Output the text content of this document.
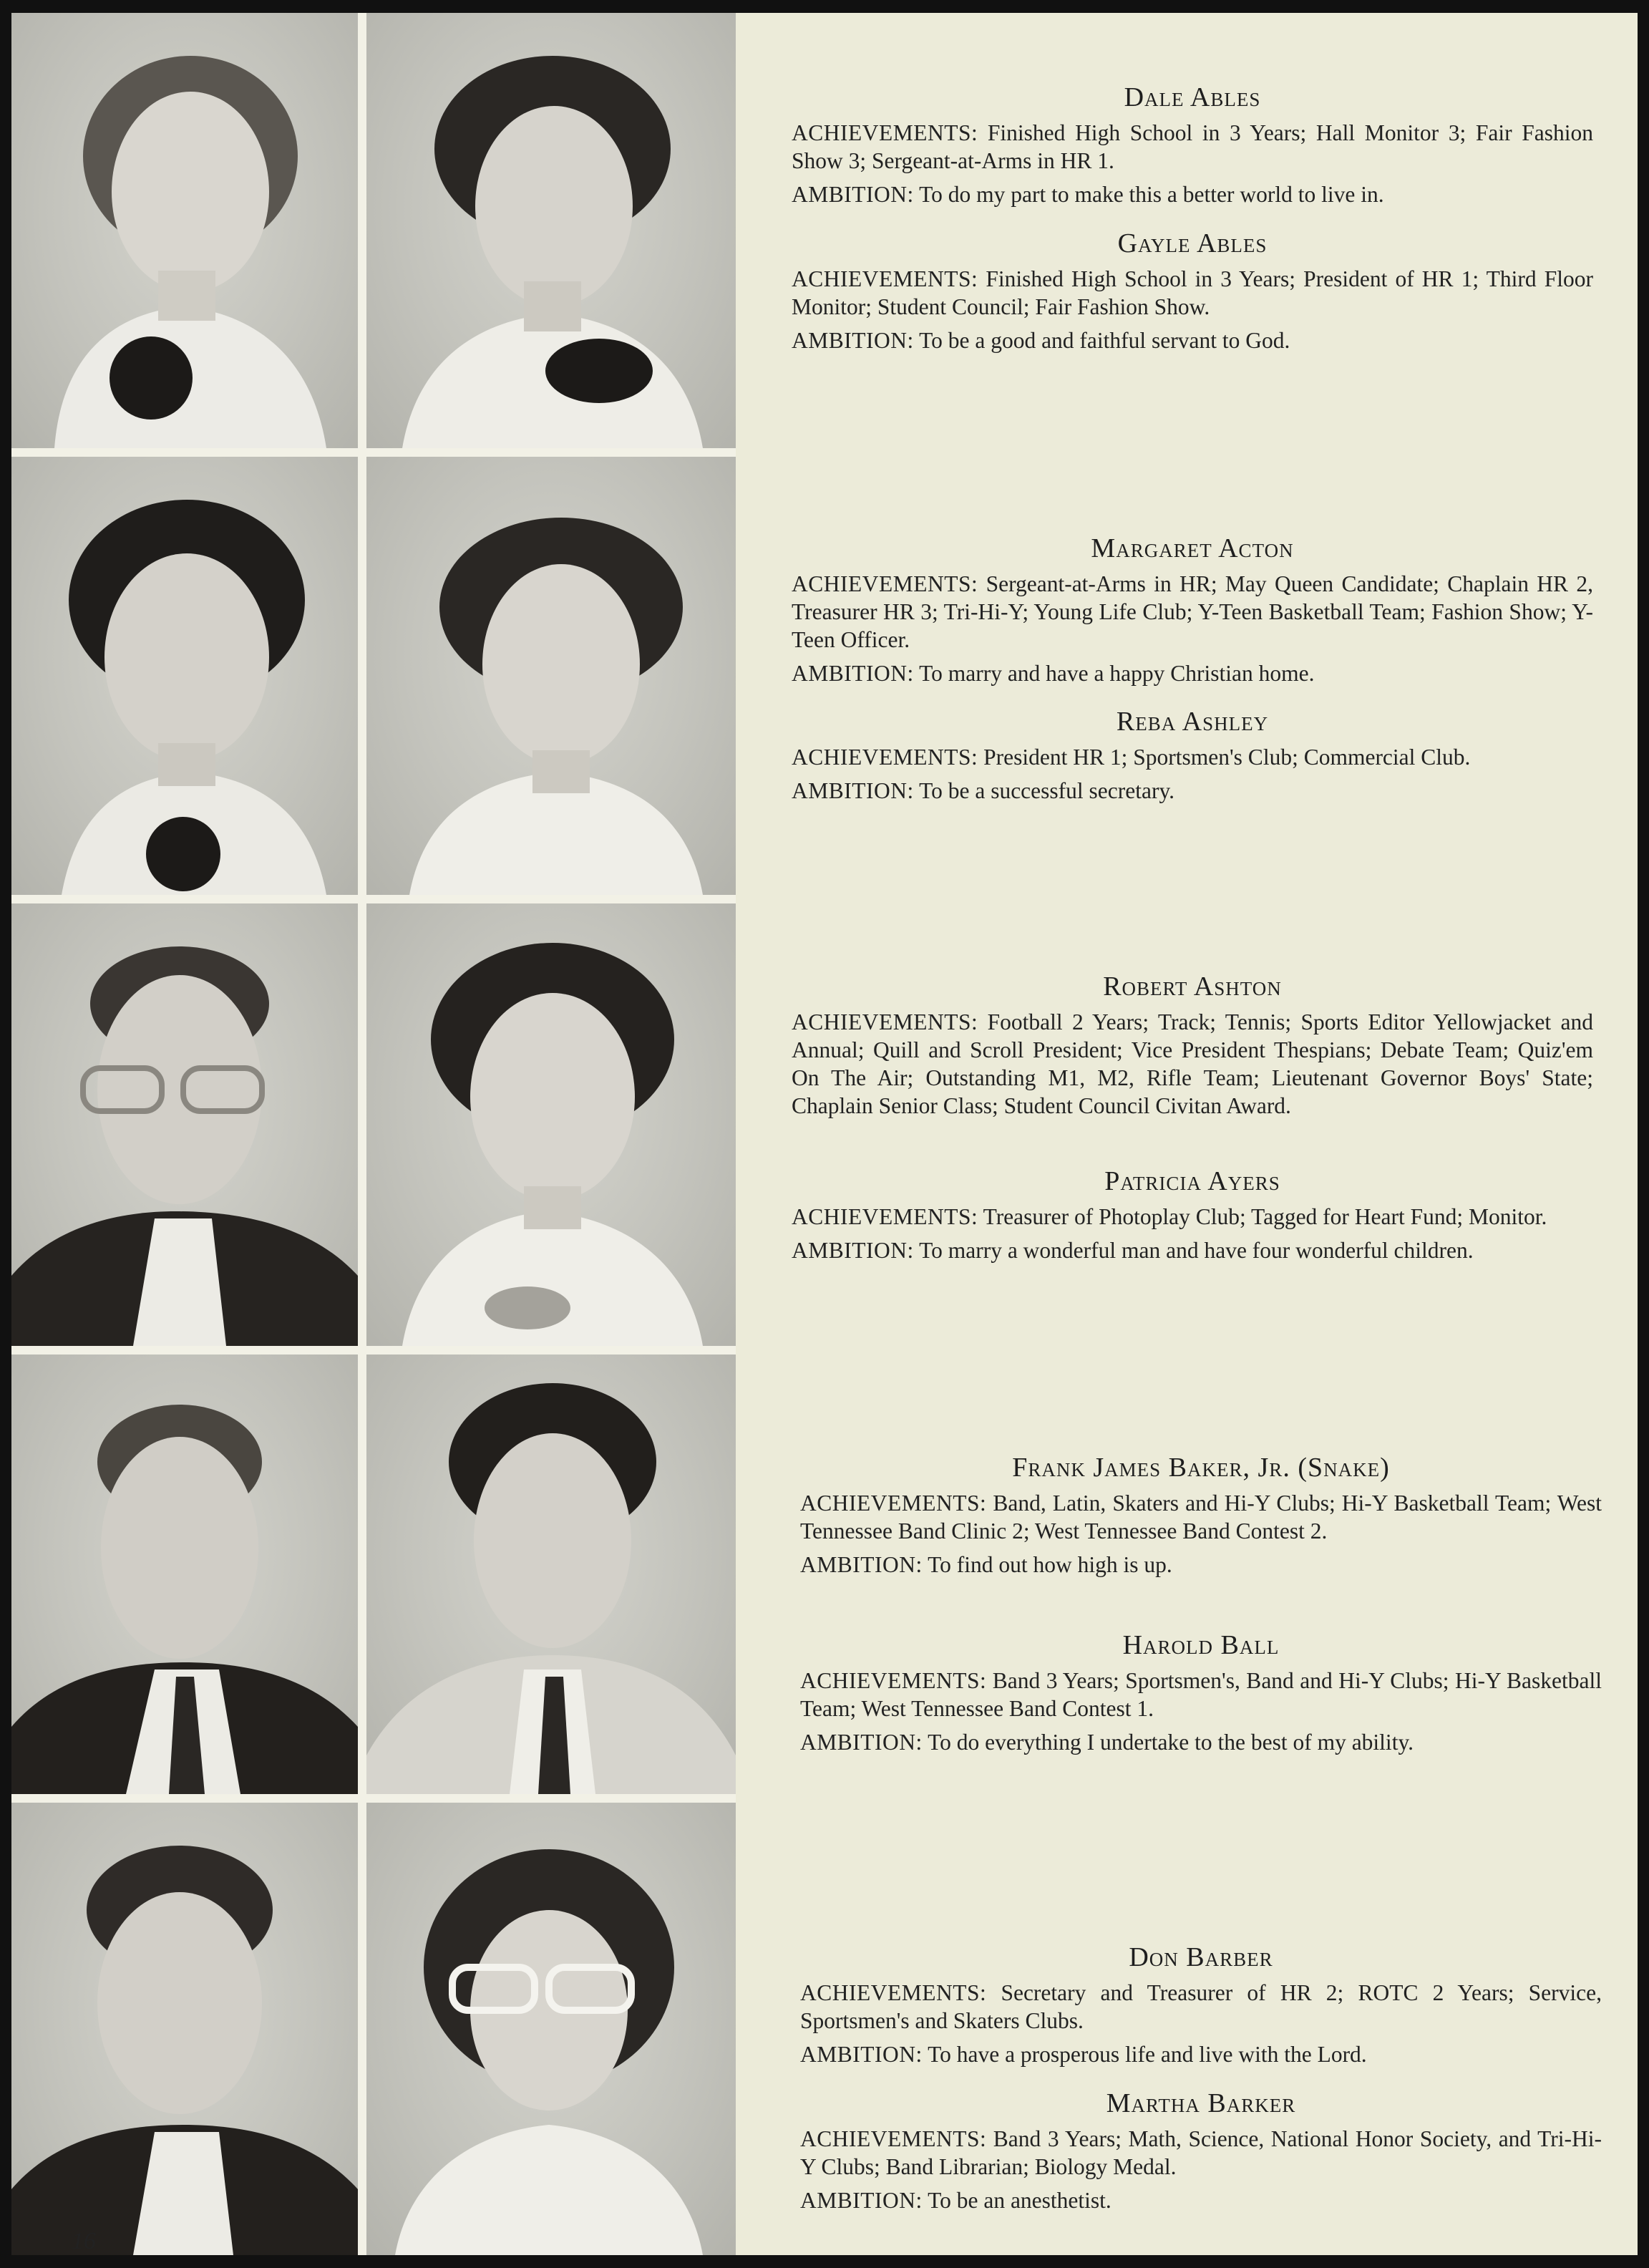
16
Dale Ables

ACHIEVEMENTS: Finished High School in 3 Years; Hall Monitor 3; Fair Fashion Show 3; Sergeant-at-Arms in HR 1.

AMBITION: To do my part to make this a better world to live in.

Gayle Ables

ACHIEVEMENTS: Finished High School in 3 Years; President of HR 1; Third Floor Monitor; Student Council; Fair Fashion Show.

AMBITION: To be a good and faithful servant to God.

Margaret Acton

ACHIEVEMENTS: Sergeant-at-Arms in HR; May Queen Candidate; Chaplain HR 2, Treasurer HR 3; Tri-Hi-Y; Young Life Club; Y-Teen Basketball Team; Fashion Show; Y-Teen Officer.

AMBITION: To marry and have a happy Christian home.

Reba Ashley

ACHIEVEMENTS: President HR 1; Sportsmen's Club; Commercial Club.

AMBITION: To be a successful secretary.

Robert Ashton

ACHIEVEMENTS: Football 2 Years; Track; Tennis; Sports Editor Yellowjacket and Annual; Quill and Scroll President; Vice President Thespians; Debate Team; Quiz'em On The Air; Outstanding M1, M2, Rifle Team; Lieutenant Governor Boys' State; Chaplain Senior Class; Student Council Civitan Award.

Patricia Ayers

ACHIEVEMENTS: Treasurer of Photoplay Club; Tagged for Heart Fund; Monitor.

AMBITION: To marry a wonderful man and have four wonderful children.

Frank James Baker, Jr. (Snake)

ACHIEVEMENTS: Band, Latin, Skaters and Hi-Y Clubs; Hi-Y Basketball Team; West Tennessee Band Clinic 2; West Tennessee Band Contest 2.

AMBITION: To find out how high is up.

Harold Ball

ACHIEVEMENTS: Band 3 Years; Sportsmen's, Band and Hi-Y Clubs; Hi-Y Basketball Team; West Tennessee Band Contest 1.

AMBITION: To do everything I undertake to the best of my ability.

Don Barber

ACHIEVEMENTS: Secretary and Treasurer of HR 2; ROTC 2 Years; Service, Sportsmen's and Skaters Clubs.

AMBITION: To have a prosperous life and live with the Lord.

Martha Barker

ACHIEVEMENTS: Band 3 Years; Math, Science, National Honor Society, and Tri-Hi-Y Clubs; Band Librarian; Biology Medal.

AMBITION: To be an anesthetist.
